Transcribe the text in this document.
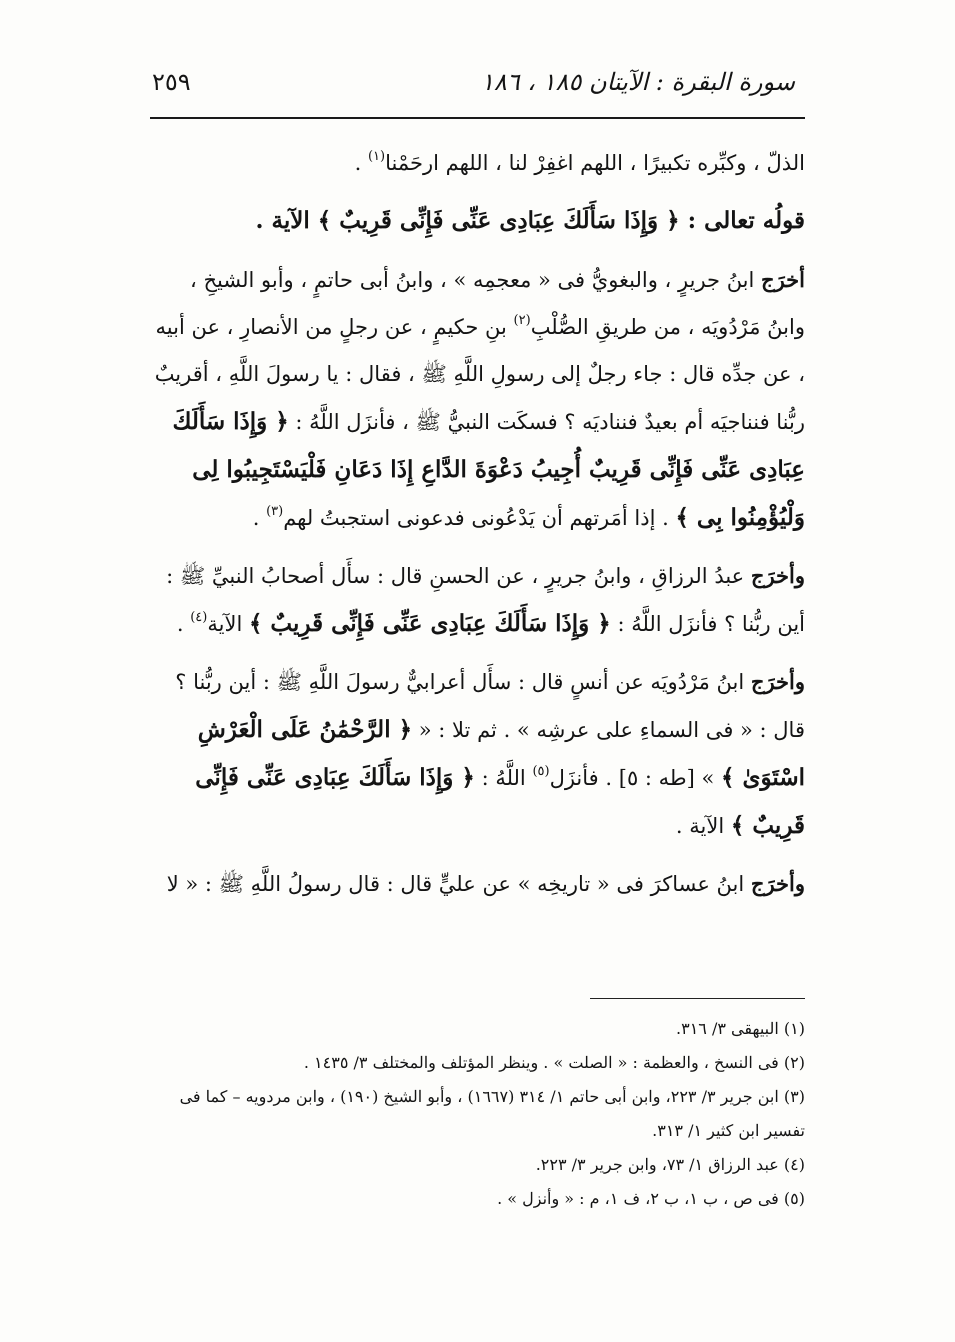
سورة البقرة : الآيتان ١٨٥ ، ١٨٦
٢٥٩

الذلّ ، وكبِّره تكبيرًا ، اللهم اغفِرْ لنا ، اللهم ارحَمْنا$^{(١)}$ .

قولُه تعالى : ﴿ وَإِذَا سَأَلَكَ عِبَادِى عَنِّى فَإِنِّى قَرِيبٌ ﴾ الآية .

أخرَج ابنُ جريرٍ ، والبغويُّ فى « معجمِه » ، وابنُ أبى حاتمٍ ، وأبو الشيخِ ، وابنُ مَرْدُويَه ، من طريقِ الصُّلْبِ$^{(٢)}$ بنِ حكيمٍ ، عن رجلٍ من الأنصارِ ، عن أبيه ، عن جدِّه قال : جاء رجلٌ إلى رسولِ اللَّهِ ﷺ ، فقال : يا رسولَ اللَّهِ ، أقريبٌ ربُّنا فنناجيَه أم بعيدٌ فنناديَه ؟ فسكَت النبيُّ ﷺ ، فأنزَل اللَّهُ : ﴿ وَإِذَا سَأَلَكَ عِبَادِى عَنِّى فَإِنِّى قَرِيبٌ أُجِيبُ دَعْوَةَ الدَّاعِ إِذَا دَعَانِ فَلْيَسْتَجِيبُوا لِى وَلْيُؤْمِنُوا بِى ﴾ . إذا أمَرتهم أن يَدْعُونى فدعونى استجبتُ لهم$^{(٣)}$ .

وأخرَج عبدُ الرزاقِ ، وابنُ جريرٍ ، عن الحسنِ قال : سأَل أصحابُ النبيِّ ﷺ : أين ربُّنا ؟ فأنزَل اللَّهُ : ﴿ وَإِذَا سَأَلَكَ عِبَادِى عَنِّى فَإِنِّى قَرِيبٌ ﴾ الآية$^{(٤)}$ .

وأخرَج ابنُ مَرْدُويَه عن أنسٍ قال : سأَل أعرابيٌّ رسولَ اللَّهِ ﷺ : أين ربُّنا ؟ قال : « فى السماءِ على عرشِه » . ثم تلا : « ﴿ الرَّحْمَٰنُ عَلَى الْعَرْشِ اسْتَوَىٰ ﴾ » [طه : ٥] . فأنزَل$^{(٥)}$ اللَّهُ : ﴿ وَإِذَا سَأَلَكَ عِبَادِى عَنِّى فَإِنِّى قَرِيبٌ ﴾ الآية .

وأخرَج ابنُ عساكرَ فى « تاريخِه » عن عليٍّ قال : قال رسولُ اللَّهِ ﷺ : « لا

(١) البيهقى ٣/ ٣١٦.

(٢) فى النسخ ، والعظمة : « الصلت » . وينظر المؤتلف والمختلف ٣/ ١٤٣٥ .

(٣) ابن جرير ٣/ ٢٢٣، وابن أبى حاتم ١/ ٣١٤ (١٦٦٧) ، وأبو الشيخ (١٩٠) ، وابن مردويه – كما فى تفسير ابن كثير ١/ ٣١٣.

(٤) عبد الرزاق ١/ ٧٣، وابن جرير ٣/ ٢٢٣.

(٥) فى ص ، ب ١، ب ٢، ف ١، م : « وأنزل » .
